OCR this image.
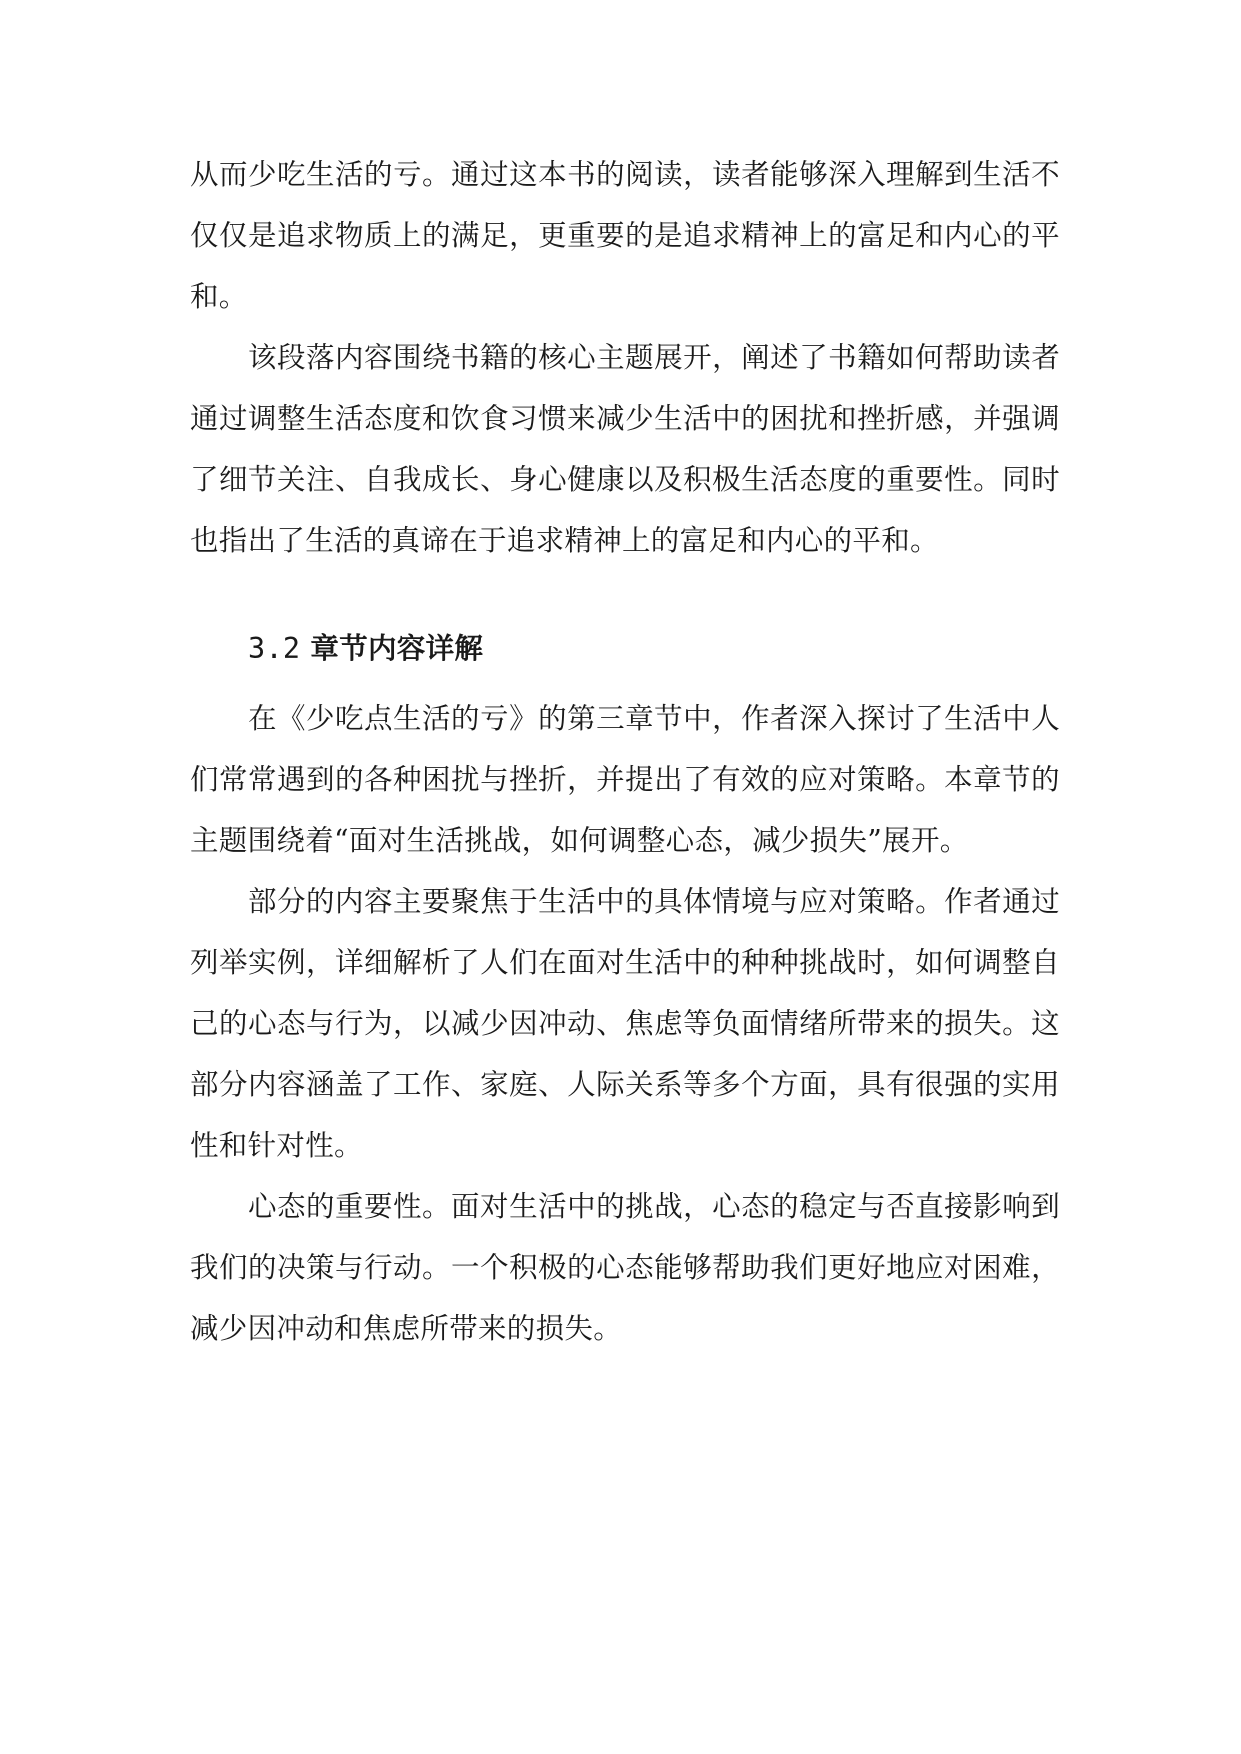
从而少吃生活的亏。通过这本书的阅读，读者能够深入理解到生活不仅仅是追求物质上的满足，更重要的是追求精神上的富足和内心的平和。

该段落内容围绕书籍的核心主题展开，阐述了书籍如何帮助读者通过调整生活态度和饮食习惯来减少生活中的困扰和挫折感，并强调了细节关注、自我成长、身心健康以及积极生活态度的重要性。同时也指出了生活的真谛在于追求精神上的富足和内心的平和。

3.2 章节内容详解

在《少吃点生活的亏》的第三章节中，作者深入探讨了生活中人们常常遇到的各种困扰与挫折，并提出了有效的应对策略。本章节的主题围绕着“面对生活挑战，如何调整心态，减少损失”展开。

部分的内容主要聚焦于生活中的具体情境与应对策略。作者通过列举实例，详细解析了人们在面对生活中的种种挑战时，如何调整自己的心态与行为，以减少因冲动、焦虑等负面情绪所带来的损失。这部分内容涵盖了工作、家庭、人际关系等多个方面，具有很强的实用性和针对性。

心态的重要性。面对生活中的挑战，心态的稳定与否直接影响到我们的决策与行动。一个积极的心态能够帮助我们更好地应对困难，减少因冲动和焦虑所带来的损失。
